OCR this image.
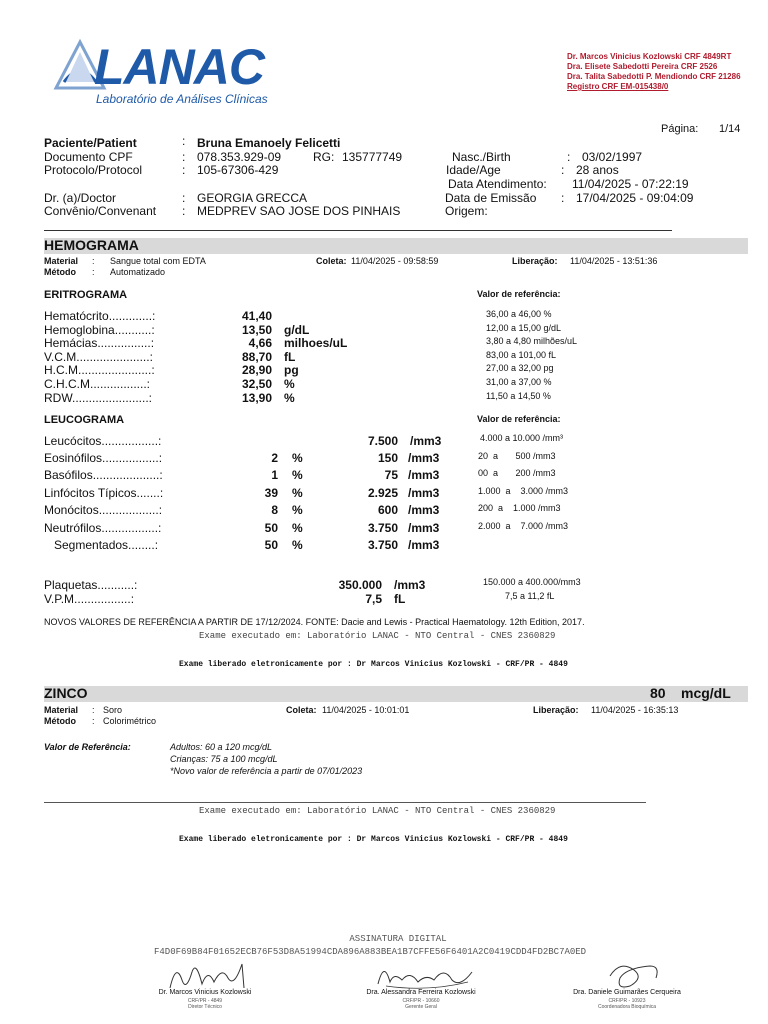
LANAC
Laboratório de Análises Clínicas
Dr. Marcos Vinicius Kozlowski CRF 4849RT
Dra. Elisete Sabedotti Pereira CRF 2526
Dra. Talita Sabedotti P. Mendiondo CRF 21286
Registro CRF EM-015438/0
Página: 1/14
Paciente/Patient	: Bruna Emanoely Felicetti
Documento CPF	: 078.353.929-09	RG: 135777749
Protocolo/Protocol	: 105-67306-429
Dr. (a)/Doctor	: GEORGIA GRECCA
Convênio/Convenant : MEDPREV SAO JOSE DOS PINHAIS
Nasc./Birth	: 03/02/1997
Idade/Age	: 28 anos
Data Atendimento: 11/04/2025 - 07:22:19
Data de Emissão : 17/04/2025 - 09:04:09
Origem:
HEMOGRAMA
Material : Sangue total com EDTA
Método : Automatizado
Coleta: 11/04/2025 - 09:58:59	Liberação: 11/04/2025 - 13:51:36
ERITROGRAMA	Valor de referência:
Hematócrito.............:	41,40	36,00 a 46,00 %
Hemoglobina...........:	13,50 g/dL	12,00 a 15,00 g/dL
Hemácias................:	4,66 milhoes/uL	3,80 a 4,80 milhões/uL
V.C.M......................:	88,70 fL	83,00 a 101,00 fL
H.C.M......................:	28,90 pg	27,00 a 32,00 pg
C.H.C.M.................:	32,50 %	31,00 a 37,00 %
RDW.......................:	13,90 %	11,50 a 14,50 %
LEUCOGRAMA	Valor de referência:
Leucócitos.................:	7.500 /mm3	4.000 a 10.000 /mm³
Eosinófilos.................:	2 %	150 /mm3	20  a       500 /mm3
Basófilos....................:	1 %	75 /mm3	00  a       200 /mm3
Linfócitos Típicos.......:	39 %	2.925 /mm3	1.000  a    3.000 /mm3
Monócitos..................:	8 %	600 /mm3	200  a    1.000 /mm3
Neutrófilos.................:	50 %	3.750 /mm3	2.000  a    7.000 /mm3
Segmentados........:	50 %	3.750 /mm3
Plaquetas...........:	350.000 /mm3	150.000 a 400.000/mm3
V.P.M.................:	7,5 fL	7,5 a 11,2 fL
NOVOS VALORES DE REFERÊNCIA A PARTIR DE 17/12/2024. FONTE: Dacie and Lewis - Practical Haematology. 12th Edition, 2017.
Exame executado em: Laboratório LANAC - NTO Central - CNES 2360829
Exame liberado eletronicamente por : Dr Marcos Vinicius Kozlowski - CRF/PR - 4849
ZINCO	80 mcg/dL
Material : Soro
Método : Colorimétrico
Coleta: 11/04/2025 - 10:01:01	Liberação: 11/04/2025 - 16:35:13
Valor de Referência:	Adultos: 60 a 120 mcg/dL
Crianças: 75 a 100 mcg/dL
*Novo valor de referência a partir de 07/01/2023
Exame executado em: Laboratório LANAC - NTO Central - CNES 2360829
Exame liberado eletronicamente por : Dr Marcos Vinicius Kozlowski - CRF/PR - 4849
ASSINATURA DIGITAL
F4D0F69B84F01652ECB76F53D8A51994CDA896A883BEA1B7CFFE56F6401A2C0419CDD4FD2BC7A0ED
Dr. Marcos Vinicius Kozlowski
CRF/PR - 4849
Diretor Técnico
Dra. Alessandra Ferreira Kozlowski
CRF/PR - 10660
Gerente Geral
Dra. Daniele Guimarães Cerqueira
CRF/PR - 10923
Coordenadora Bioquímica
